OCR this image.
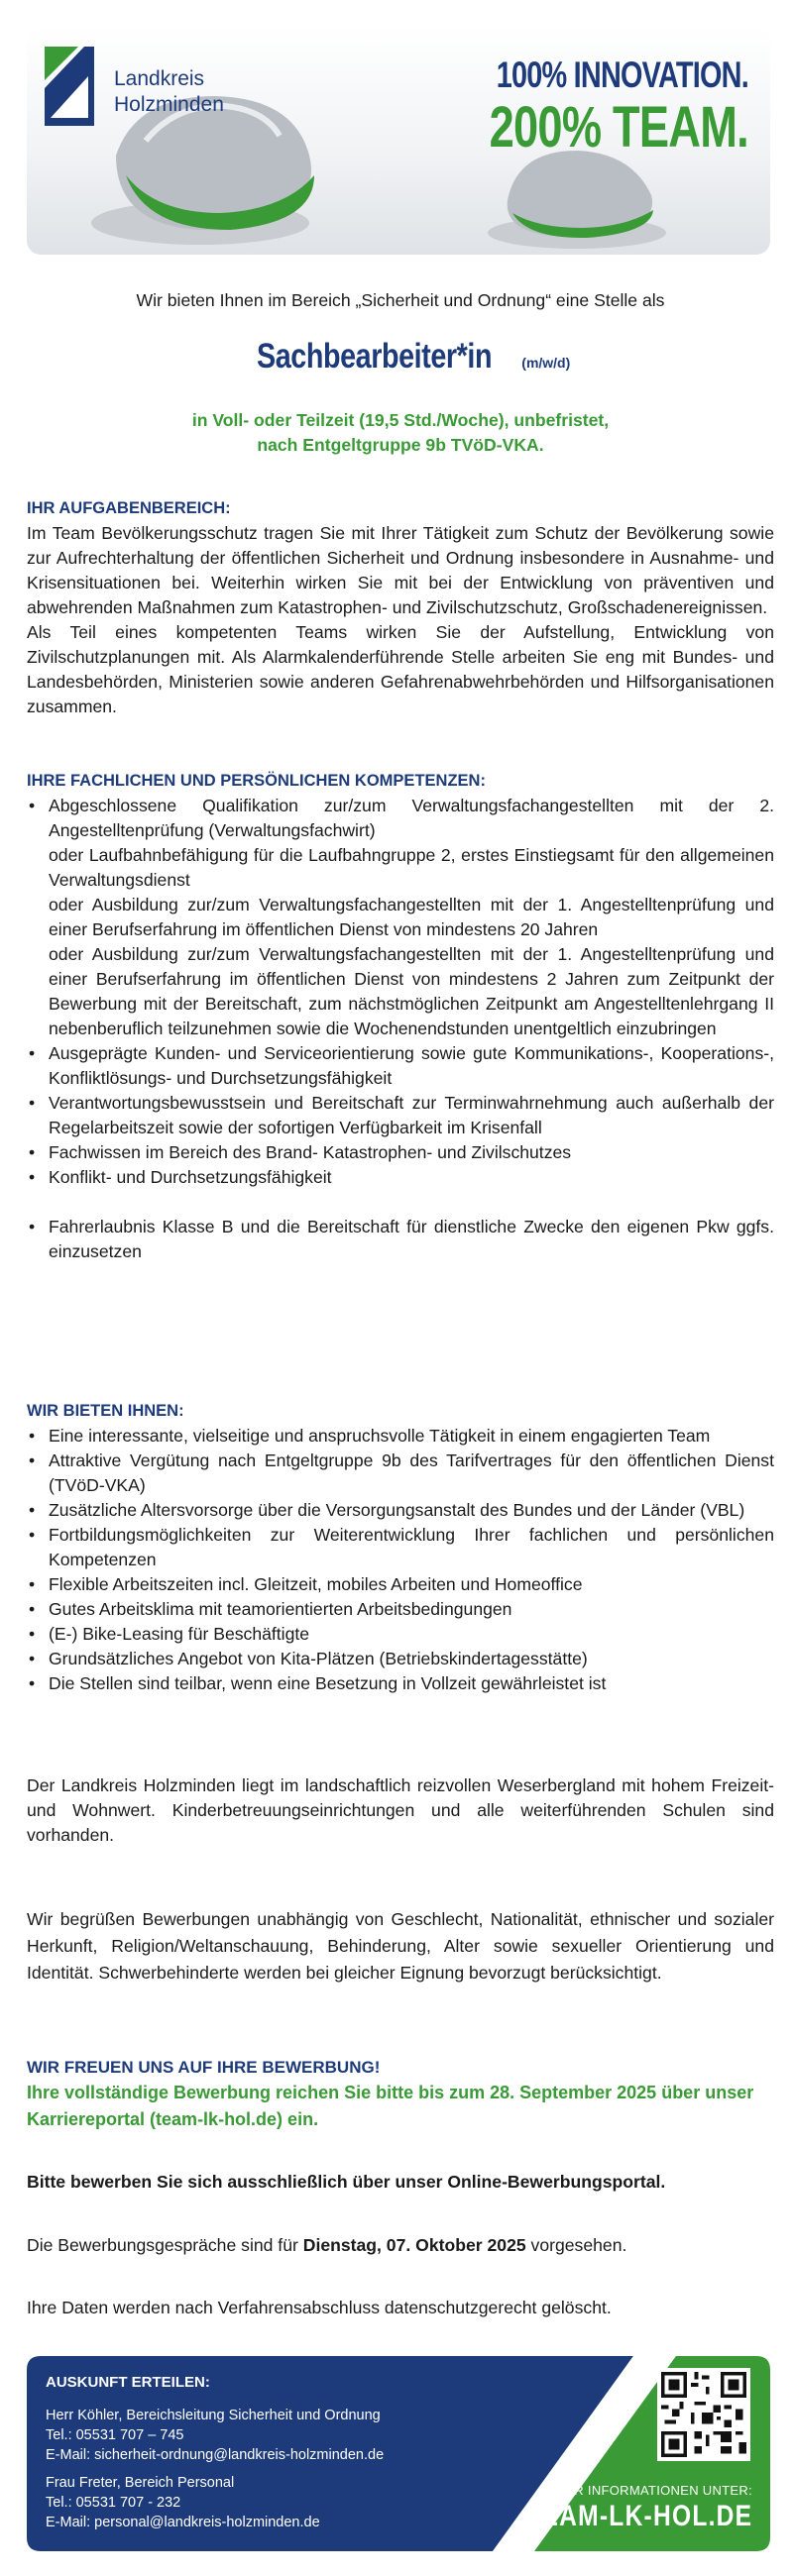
Landkreis
Holzminden
100% INNOVATION.
200% TEAM.
Wir bieten Ihnen im Bereich „Sicherheit und Ordnung“ eine Stelle als
Sachbearbeiter*in (m/w/d)
in Voll- oder Teilzeit (19,5 Std./Woche), unbefristet,
nach Entgeltgruppe 9b TVöD-VKA.
IHR AUFGABENBEREICH:
Im Team Bevölkerungsschutz tragen Sie mit Ihrer Tätigkeit zum Schutz der Bevölkerung sowie zur Aufrechterhaltung der öffentlichen Sicherheit und Ordnung insbesondere in Ausnahme- und Krisensituationen bei. Weiterhin wirken Sie mit bei der Entwicklung von präventiven und abwehrenden Maßnahmen zum Katastrophen- und Zivilschutzschutz, Großschadenereignissen.
Als Teil eines kompetenten Teams wirken Sie der Aufstellung, Entwicklung von Zivilschutzplanungen mit. Als Alarmkalenderführende Stelle arbeiten Sie eng mit Bundes- und Landesbehörden, Ministerien sowie anderen Gefahrenabwehrbehörden und Hilfsorganisationen zusammen.
IHRE FACHLICHEN UND PERSÖNLICHEN KOMPETENZEN:
• Abgeschlossene Qualifikation zur/zum Verwaltungsfachangestellten mit der 2. Angestelltenprüfung (Verwaltungsfachwirt)
oder Laufbahnbefähigung für die Laufbahngruppe 2, erstes Einstiegsamt für den allgemeinen Verwaltungsdienst
oder Ausbildung zur/zum Verwaltungsfachangestellten mit der 1. Angestelltenprüfung und einer Berufserfahrung im öffentlichen Dienst von mindestens 20 Jahren
oder Ausbildung zur/zum Verwaltungsfachangestellten mit der 1. Angestelltenprüfung und einer Berufserfahrung im öffentlichen Dienst von mindestens 2 Jahren zum Zeitpunkt der Bewerbung mit der Bereitschaft, zum nächstmöglichen Zeitpunkt am Angestelltenlehrgang II nebenberuflich teilzunehmen sowie die Wochenendstunden unentgeltlich einzubringen
• Ausgeprägte Kunden- und Serviceorientierung sowie gute Kommunikations-, Kooperations-, Konfliktlösungs- und Durchsetzungsfähigkeit
• Verantwortungsbewusstsein und Bereitschaft zur Terminwahrnehmung auch außerhalb der Regelarbeitszeit sowie der sofortigen Verfügbarkeit im Krisenfall
• Fachwissen im Bereich des Brand- Katastrophen- und Zivilschutzes
• Konflikt- und Durchsetzungsfähigkeit
• Fahrerlaubnis Klasse B und die Bereitschaft für dienstliche Zwecke den eigenen Pkw ggfs. einzusetzen
WIR BIETEN IHNEN:
• Eine interessante, vielseitige und anspruchsvolle Tätigkeit in einem engagierten Team
• Attraktive Vergütung nach Entgeltgruppe 9b des Tarifvertrages für den öffentlichen Dienst (TVöD-VKA)
• Zusätzliche Altersvorsorge über die Versorgungsanstalt des Bundes und der Länder (VBL)
• Fortbildungsmöglichkeiten zur Weiterentwicklung Ihrer fachlichen und persönlichen Kompetenzen
• Flexible Arbeitszeiten incl. Gleitzeit, mobiles Arbeiten und Homeoffice
• Gutes Arbeitsklima mit teamorientierten Arbeitsbedingungen
• (E-) Bike-Leasing für Beschäftigte
• Grundsätzliches Angebot von Kita-Plätzen (Betriebskindertagesstätte)
• Die Stellen sind teilbar, wenn eine Besetzung in Vollzeit gewährleistet ist
Der Landkreis Holzminden liegt im landschaftlich reizvollen Weserbergland mit hohem Freizeit- und Wohnwert. Kinderbetreuungseinrichtungen und alle weiterführenden Schulen sind vorhanden.
Wir begrüßen Bewerbungen unabhängig von Geschlecht, Nationalität, ethnischer und sozialer Herkunft, Religion/Weltanschauung, Behinderung, Alter sowie sexueller Orientierung und Identität. Schwerbehinderte werden bei gleicher Eignung bevorzugt berücksichtigt.
WIR FREUEN UNS AUF IHRE BEWERBUNG!
Ihre vollständige Bewerbung reichen Sie bitte bis zum 28. September 2025 über unser Karriereportal (team-lk-hol.de) ein.
Bitte bewerben Sie sich ausschließlich über unser Online-Bewerbungsportal.
Die Bewerbungsgespräche sind für Dienstag, 07. Oktober 2025 vorgesehen.
Ihre Daten werden nach Verfahrensabschluss datenschutzgerecht gelöscht.
AUSKUNFT ERTEILEN:
Herr Köhler, Bereichsleitung Sicherheit und Ordnung
Tel.: 05531 707 – 745
E-Mail: sicherheit-ordnung@landkreis-holzminden.de
Frau Freter, Bereich Personal
Tel.: 05531 707 - 232
E-Mail: personal@landkreis-holzminden.de
MEHR INFORMATIONEN UNTER:
TEAM-LK-HOL.DE
